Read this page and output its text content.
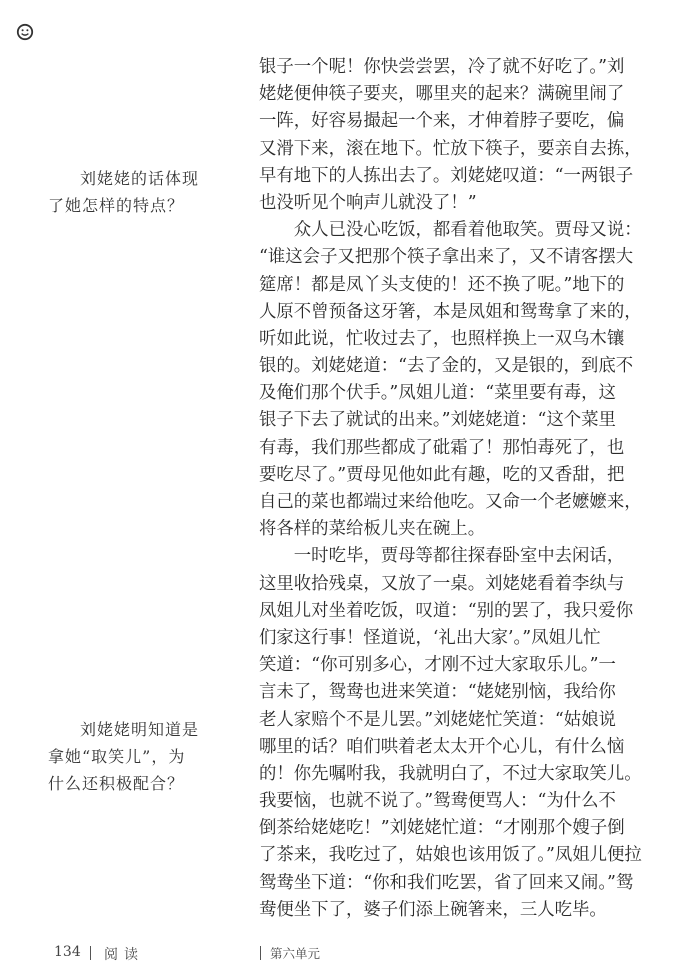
刘姥姥的话体现
了她怎样的特点？
刘姥姥明知道是
拿她“取笑儿”，为
什么还积极配合？
银子一个呢！你快尝尝罢，冷了就不好吃了。”刘
姥姥便伸筷子要夹，哪里夹的起来？满碗里闹了
一阵，好容易撮起一个来，才伸着脖子要吃，偏
又滑下来，滚在地下。忙放下筷子，要亲自去拣，
早有地下的人拣出去了。刘姥姥叹道：“一两银子
也没听见个响声儿就没了！”
　　众人已没心吃饭，都看着他取笑。贾母又说：
“谁这会子又把那个筷子拿出来了，又不请客摆大
筵席！都是凤丫头支使的！还不换了呢。”地下的
人原不曾预备这牙箸，本是凤姐和鸳鸯拿了来的，
听如此说，忙收过去了，也照样换上一双乌木镶
银的。刘姥姥道：“去了金的，又是银的，到底不
及俺们那个伏手。”凤姐儿道：“菜里要有毒，这
银子下去了就试的出来。”刘姥姥道：“这个菜里
有毒，我们那些都成了砒霜了！那怕毒死了，也
要吃尽了。”贾母见他如此有趣，吃的又香甜，把
自己的菜也都端过来给他吃。又命一个老嬷嬷来，
将各样的菜给板儿夹在碗上。
　　一时吃毕，贾母等都往探春卧室中去闲话，
这里收拾残桌，又放了一桌。刘姥姥看着李纨与
凤姐儿对坐着吃饭，叹道：“别的罢了，我只爱你
们家这行事！怪道说，‘礼出大家’。”凤姐儿忙
笑道：“你可别多心，才刚不过大家取乐儿。”一
言未了，鸳鸯也进来笑道：“姥姥别恼，我给你
老人家赔个不是儿罢。”刘姥姥忙笑道：“姑娘说
哪里的话？咱们哄着老太太开个心儿，有什么恼
的！你先嘱咐我，我就明白了，不过大家取笑儿。
我要恼，也就不说了。”鸳鸯便骂人：“为什么不
倒茶给姥姥吃！”刘姥姥忙道：“才刚那个嫂子倒
了茶来，我吃过了，姑娘也该用饭了。”凤姐儿便拉
鸳鸯坐下道：“你和我们吃罢，省了回来又闹。”鸳
鸯便坐下了，婆子们添上碗箸来，三人吃毕。
134 阅读	第六单元
